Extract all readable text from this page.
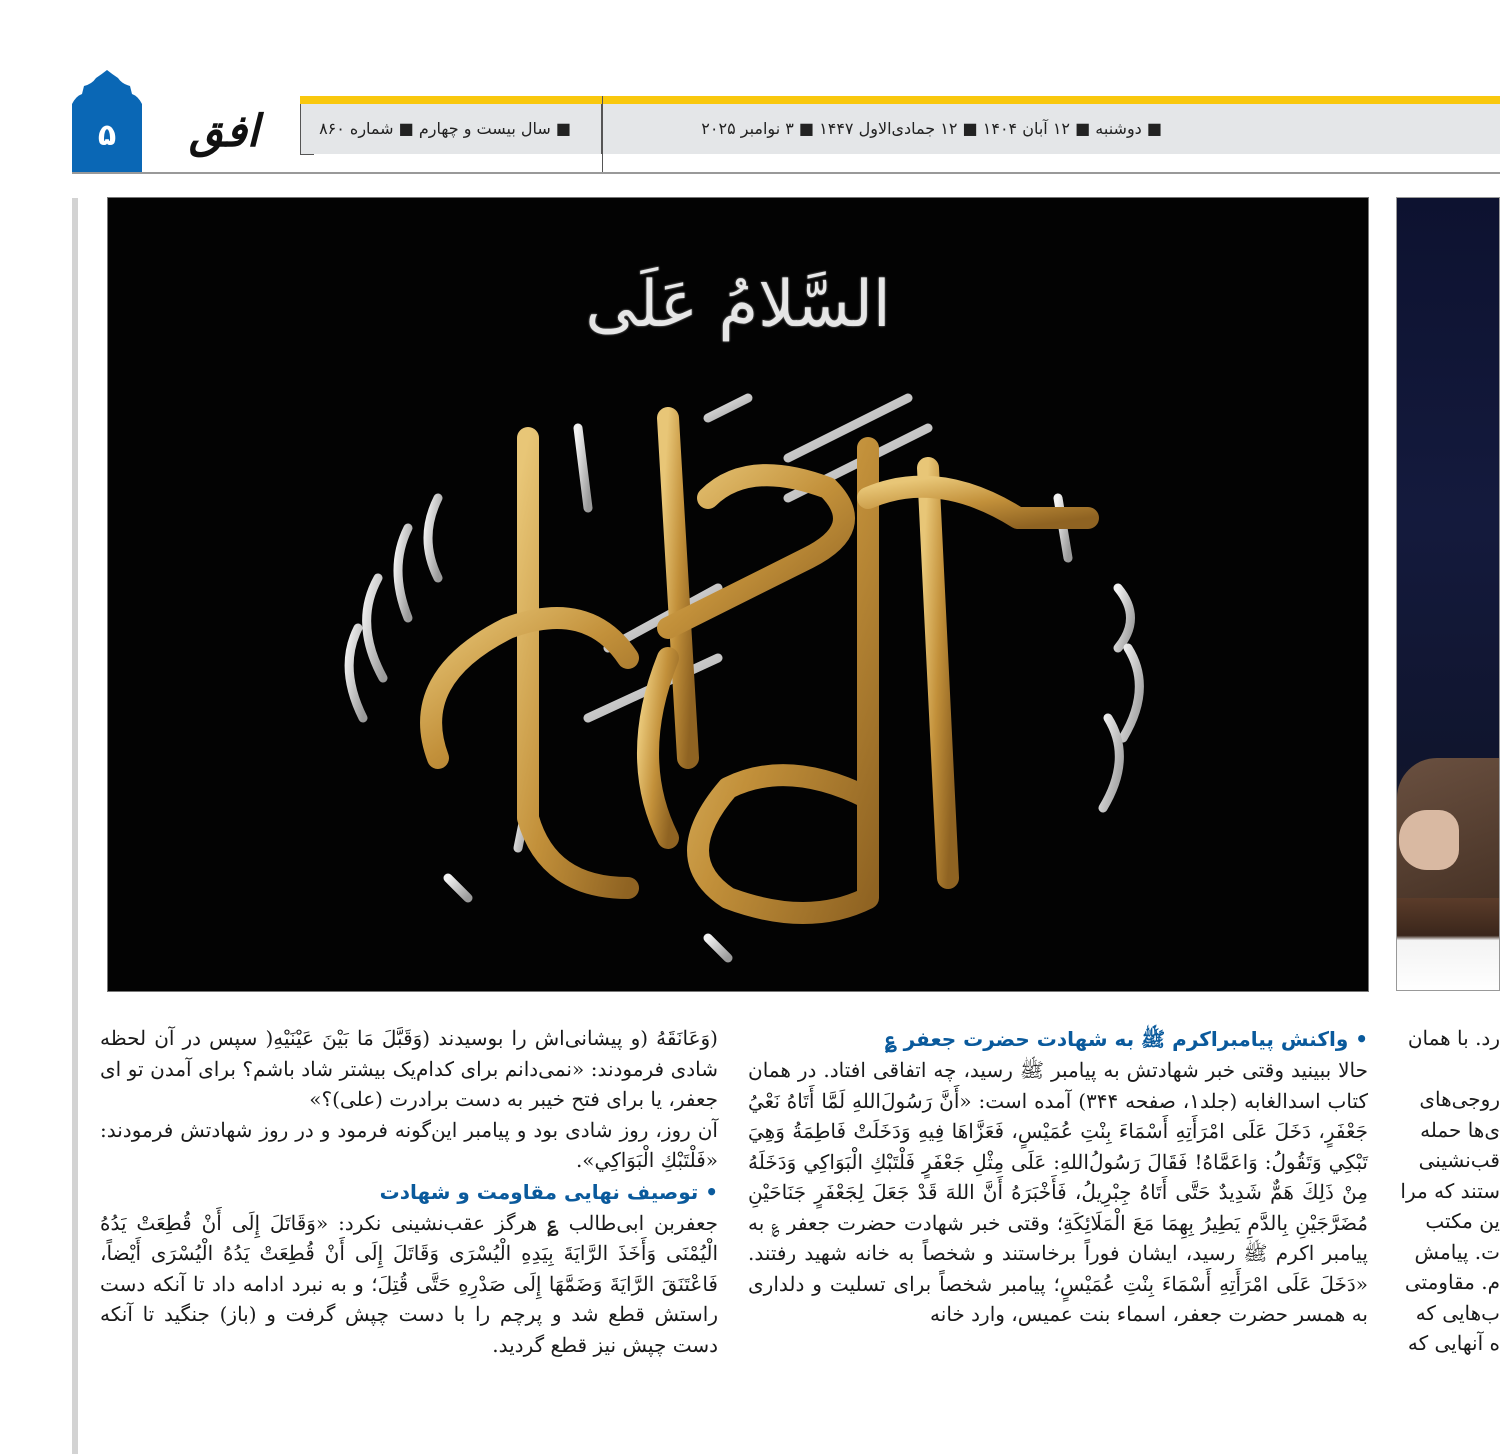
۵	افق	■ سال بیست و چهارم ■ شماره ۸۶۰	■ دوشنبه ■ ۱۲ آبان ۱۴۰۴ ■ ۱۲ جمادی‌الاول ۱۴۴۷ ■ ۳ نوامبر ۲۰۲۵
السَّلامُ عَلَی
• واکنش پیامبراکرم ﷺ به شهادت حضرت جعفر ؏

حالا ببینید وقتی خبر شهادتش به پیامبر ﷺ رسید، چه اتفاقی افتاد. در همان کتاب اسدالغابه (جلد۱، صفحه ۳۴۴) آمده است: «أَنَّ رَسُولَ‌اللهِ لَمَّا أَتَاهُ نَعْيُ جَعْفَرٍ، دَخَلَ عَلَى امْرَأَتِهِ أَسْمَاءَ بِنْتِ عُمَيْسٍ، فَعَزَّاهَا فِيهِ وَدَخَلَتْ فَاطِمَةُ وَهِيَ تَبْكِي وَتَقُولُ: وَاعَمَّاهُ! فَقَالَ رَسُولُ‌اللهِ: عَلَى مِثْلِ جَعْفَرٍ فَلْتَبْكِ الْبَوَاكِي وَدَخَلَهُ مِنْ ذَلِكَ هَمٌّ شَدِيدٌ حَتَّى أَتَاهُ جِبْرِيلُ، فَأَخْبَرَهُ أَنَّ اللهَ قَدْ جَعَلَ لِجَعْفَرٍ جَنَاحَيْنِ مُضَرَّجَيْنِ بِالدَّمِ يَطِيرُ بِهِمَا مَعَ الْمَلَائِكَةِ؛ وقتی خبر شهادت حضرت جعفر ؏ به پیامبر اکرم ﷺ رسید، ایشان فوراً برخاستند و شخصاً به خانه شهید رفتند. «دَخَلَ عَلَى امْرَأَتِهِ أَسْمَاءَ بِنْتِ عُمَيْسٍ؛ پیامبر شخصاً برای تسلیت و دلداری به همسر حضرت جعفر، اسماء بنت عمیس، وارد خانه

(وَعَانَقَهُ (و پیشانی‌اش را بوسیدند (وَقَبَّلَ مَا بَيْنَ عَيْنَيْهِ( سپس در آن لحظه شادی فرمودند: «نمی‌دانم برای کدام‌یک بیشتر شاد باشم؟ برای آمدن تو ای جعفر، یا برای فتح خیبر به دست برادرت (علی)؟»

آن روز، روز شادی بود و پیامبر این‌گونه فرمود و در روز شهادتش فرمودند: «فَلْتَبْكِ الْبَوَاكِي».

• توصیف نهایی مقاومت و شهادت

جعفربن ابی‌طالب ؏ هرگز عقب‌نشینی نکرد: «وَقَاتَلَ إِلَى أَنْ قُطِعَتْ يَدُهُ الْيُمْنَى وَأَخَذَ الرَّايَةَ بِيَدِهِ الْيُسْرَى وَقَاتَلَ إِلَى أَنْ قُطِعَتْ يَدُهُ الْيُسْرَى أَيْضاً، فَاعْتَنَقَ الرَّايَةَ وَضَمَّهَا إِلَى صَدْرِهِ حَتَّى قُتِلَ؛ و به نبرد ادامه داد تا آنکه دست راستش قطع شد و پرچم را با دست چپش گرفت و (باز) جنگید تا آنکه دست چپش نیز قطع گردید.

رد. با همان
روجی‌های
ی‌ها حمله
قب‌نشینی
ستند که مرا
ین مکتب
ت. پیامش
م. مقاومتی
ب‌هایی که
ه آنهایی که
